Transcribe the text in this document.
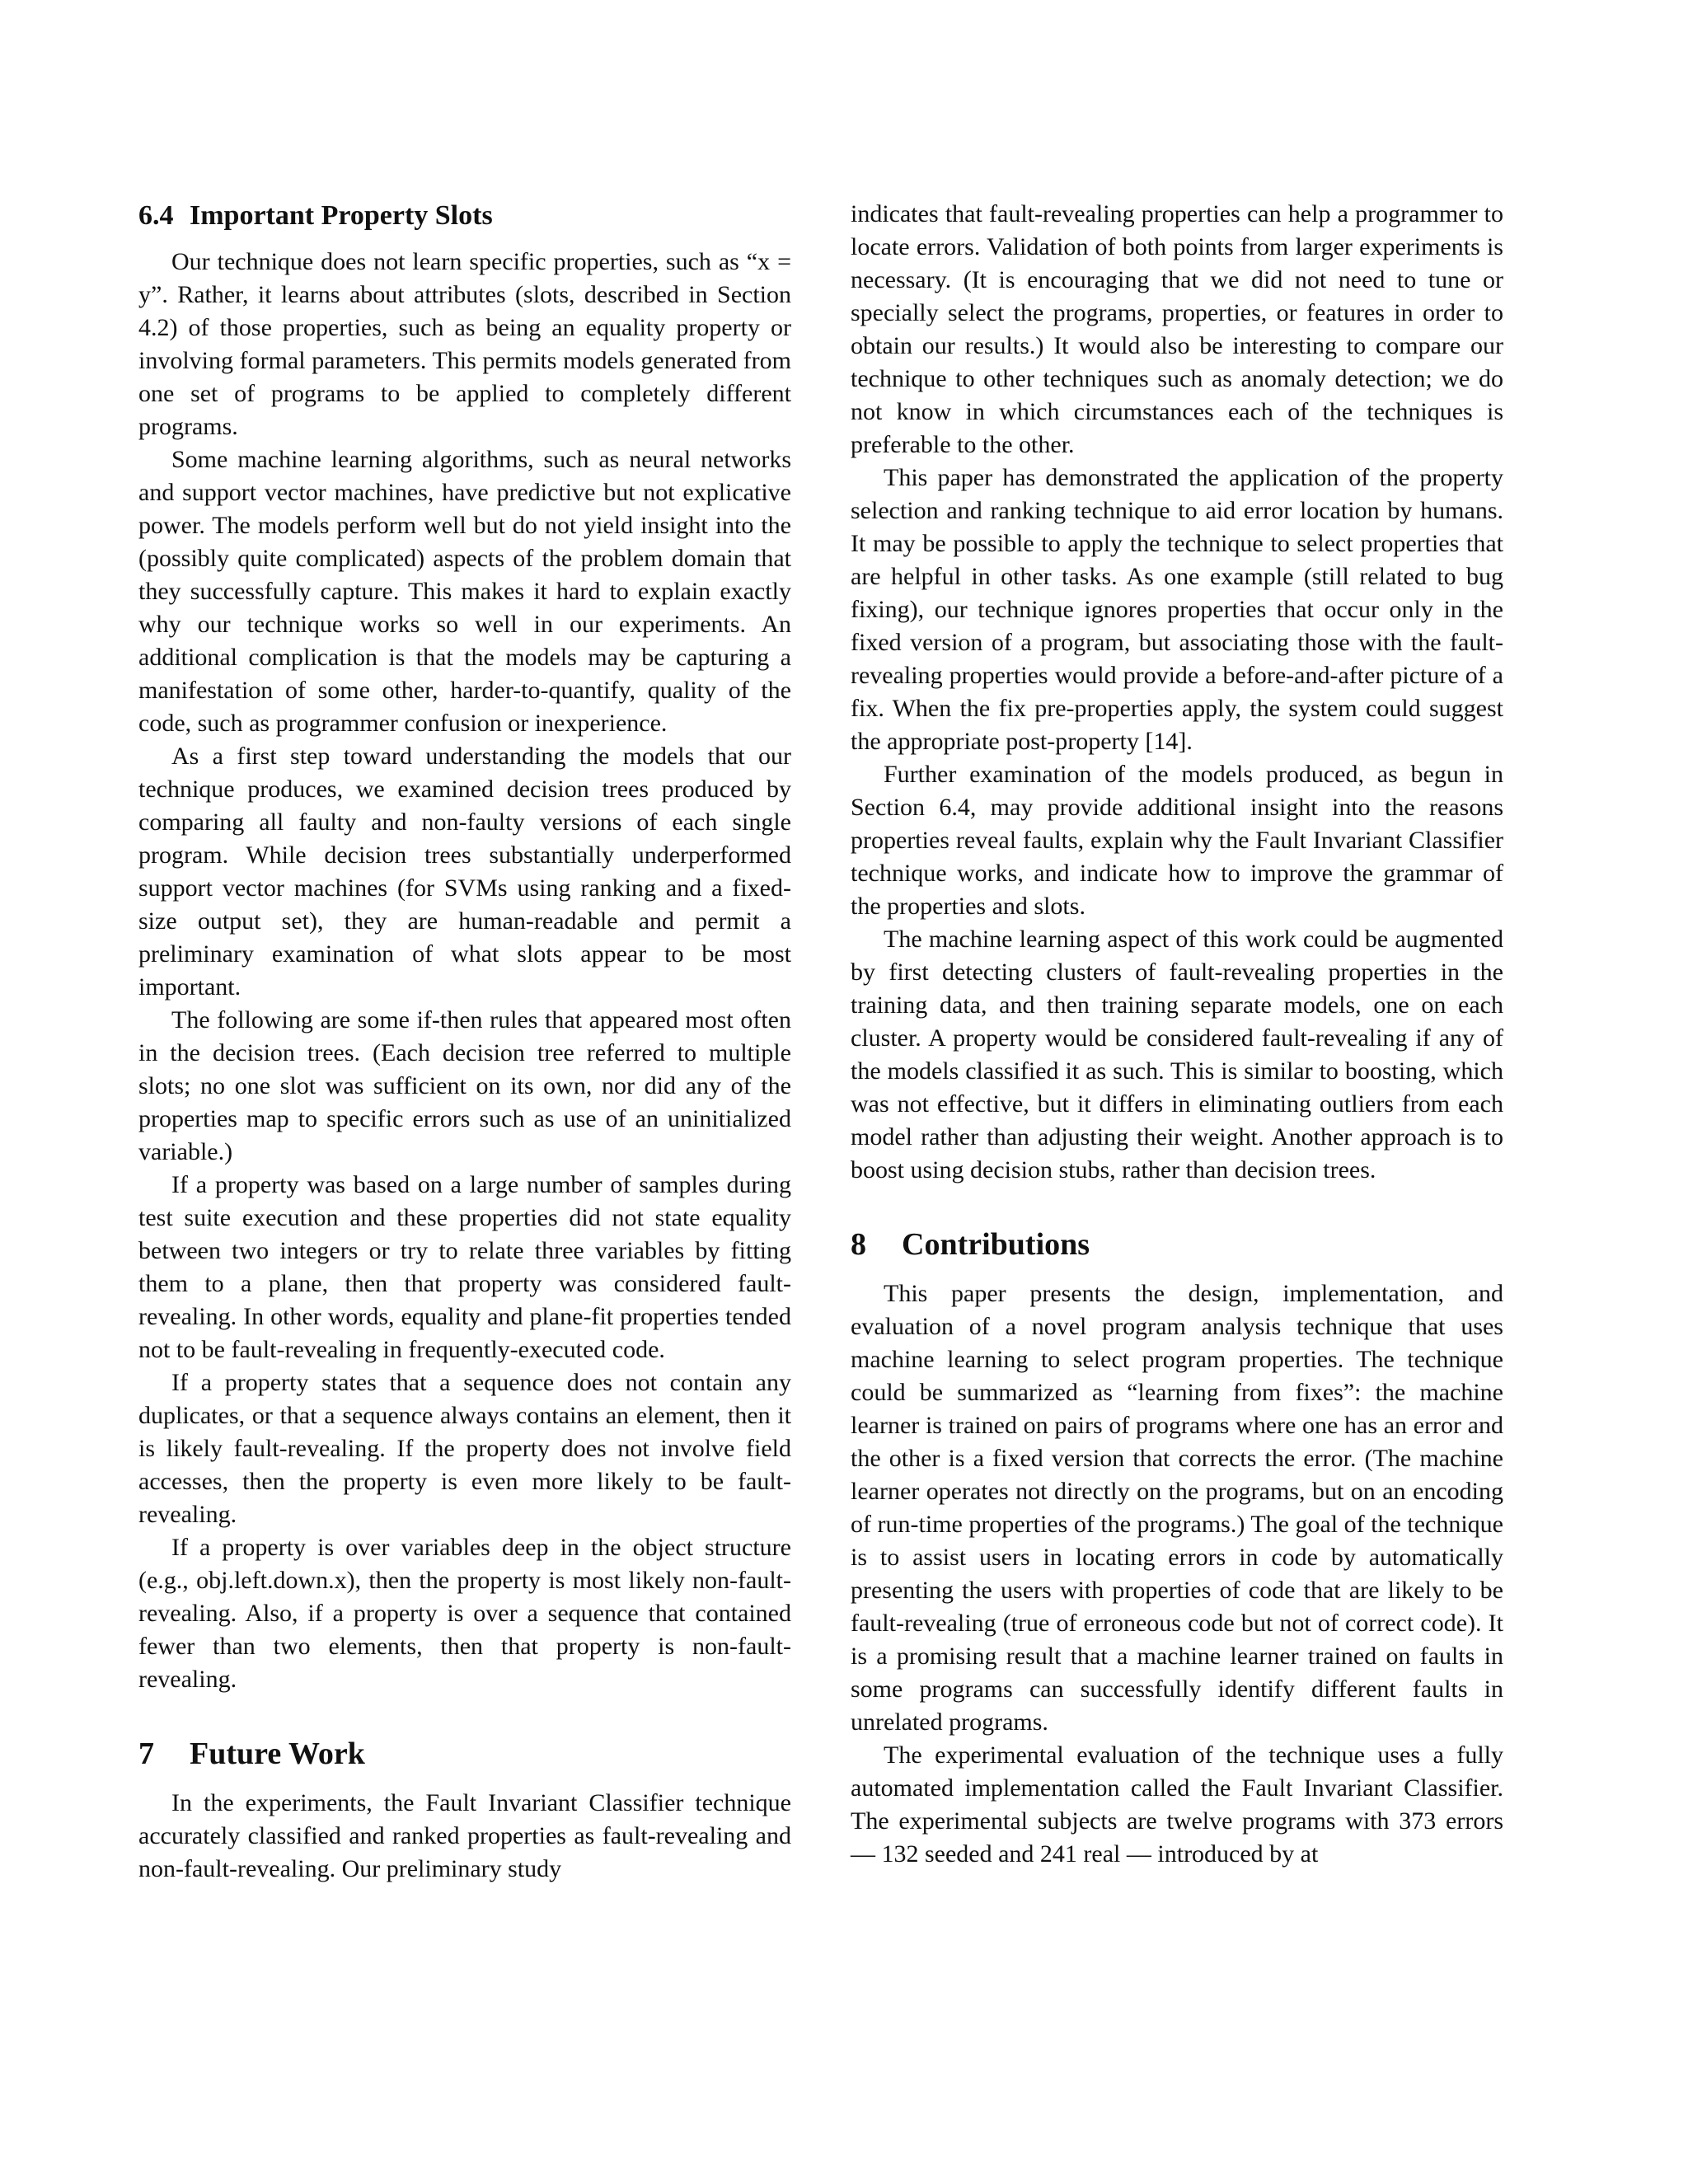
6.4 Important Property Slots

Our technique does not learn specific properties, such as “x = y”. Rather, it learns about attributes (slots, described in Section 4.2) of those properties, such as being an equality property or involving formal parameters. This permits models generated from one set of programs to be applied to completely different programs.

Some machine learning algorithms, such as neural networks and support vector machines, have predictive but not explicative power. The models perform well but do not yield insight into the (possibly quite complicated) aspects of the problem domain that they successfully capture. This makes it hard to explain exactly why our technique works so well in our experiments. An additional complication is that the models may be capturing a manifestation of some other, harder-to-quantify, quality of the code, such as programmer confusion or inexperience.

As a first step toward understanding the models that our technique produces, we examined decision trees produced by comparing all faulty and non-faulty versions of each single program. While decision trees substantially underperformed support vector machines (for SVMs using ranking and a fixed-size output set), they are human-readable and permit a preliminary examination of what slots appear to be most important.

The following are some if-then rules that appeared most often in the decision trees. (Each decision tree referred to multiple slots; no one slot was sufficient on its own, nor did any of the properties map to specific errors such as use of an uninitialized variable.)

If a property was based on a large number of samples during test suite execution and these properties did not state equality between two integers or try to relate three variables by fitting them to a plane, then that property was considered fault-revealing. In other words, equality and plane-fit properties tended not to be fault-revealing in frequently-executed code.

If a property states that a sequence does not contain any duplicates, or that a sequence always contains an element, then it is likely fault-revealing. If the property does not involve field accesses, then the property is even more likely to be fault-revealing.

If a property is over variables deep in the object structure (e.g., obj.left.down.x), then the property is most likely non-fault-revealing. Also, if a property is over a sequence that contained fewer than two elements, then that property is non-fault-revealing.

7 Future Work

In the experiments, the Fault Invariant Classifier technique accurately classified and ranked properties as fault-revealing and non-fault-revealing. Our preliminary study

indicates that fault-revealing properties can help a programmer to locate errors. Validation of both points from larger experiments is necessary. (It is encouraging that we did not need to tune or specially select the programs, properties, or features in order to obtain our results.) It would also be interesting to compare our technique to other techniques such as anomaly detection; we do not know in which circumstances each of the techniques is preferable to the other.

This paper has demonstrated the application of the property selection and ranking technique to aid error location by humans. It may be possible to apply the technique to select properties that are helpful in other tasks. As one example (still related to bug fixing), our technique ignores properties that occur only in the fixed version of a program, but associating those with the fault-revealing properties would provide a before-and-after picture of a fix. When the fix pre-properties apply, the system could suggest the appropriate post-property [14].

Further examination of the models produced, as begun in Section 6.4, may provide additional insight into the reasons properties reveal faults, explain why the Fault Invariant Classifier technique works, and indicate how to improve the grammar of the properties and slots.

The machine learning aspect of this work could be augmented by first detecting clusters of fault-revealing properties in the training data, and then training separate models, one on each cluster. A property would be considered fault-revealing if any of the models classified it as such. This is similar to boosting, which was not effective, but it differs in eliminating outliers from each model rather than adjusting their weight. Another approach is to boost using decision stubs, rather than decision trees.

8 Contributions

This paper presents the design, implementation, and evaluation of a novel program analysis technique that uses machine learning to select program properties. The technique could be summarized as “learning from fixes”: the machine learner is trained on pairs of programs where one has an error and the other is a fixed version that corrects the error. (The machine learner operates not directly on the programs, but on an encoding of run-time properties of the programs.) The goal of the technique is to assist users in locating errors in code by automatically presenting the users with properties of code that are likely to be fault-revealing (true of erroneous code but not of correct code). It is a promising result that a machine learner trained on faults in some programs can successfully identify different faults in unrelated programs.

The experimental evaluation of the technique uses a fully automated implementation called the Fault Invariant Classifier. The experimental subjects are twelve programs with 373 errors — 132 seeded and 241 real — introduced by at
